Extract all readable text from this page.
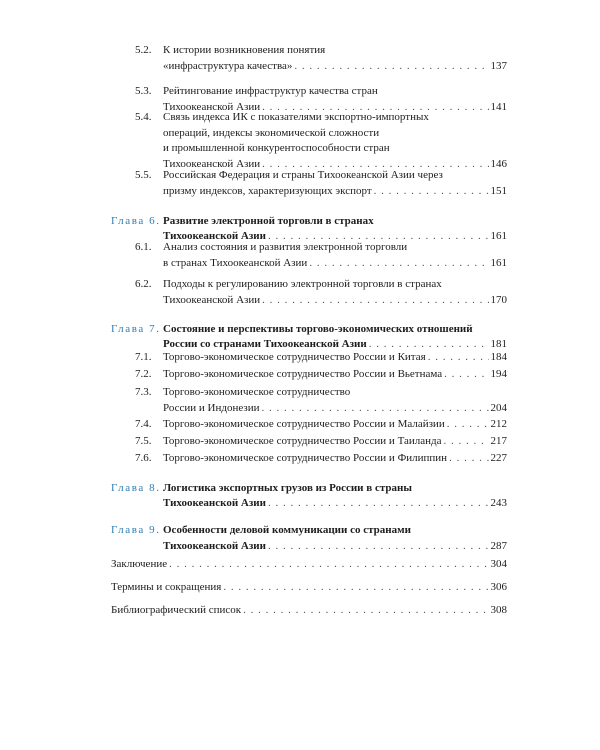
5.2. К истории возникновения понятия
«инфраструктура качества» . . .	137
5.3. Рейтингование инфраструктур качества стран
Тихоокеанской Азии . . .	141
5.4. Связь индекса ИК с показателями экспортно-импортных
операций, индексы экономической сложности
и промышленной конкурентоспособности стран
Тихоокеанской Азии . . .	146
5.5. Российская Федерация и страны Тихоокеанской Азии через
призму индексов, характеризующих экспорт . . .	151
Глава 6. Развитие электронной торговли в странах
Тихоокеанской Азии . . .	161
6.1. Анализ состояния и развития электронной торговли
в странах Тихоокеанской Азии . . .	161
6.2. Подходы к регулированию электронной торговли в странах
Тихоокеанской Азии . . .	170
Глава 7. Состояние и перспективы торгово-экономических отношений
России со странами Тихоокеанской Азии . . .	181
7.1. Торгово-экономическое сотрудничество России и Китая . . .	184
7.2. Торгово-экономическое сотрудничество России и Вьетнама . . .	194
7.3. Торгово-экономическое сотрудничество
России и Индонезии . . .	204
7.4. Торгово-экономическое сотрудничество России и Малайзии . . .	212
7.5. Торгово-экономическое сотрудничество России и Таиланда . . .	217
7.6. Торгово-экономическое сотрудничество России и Филиппин . . .	227
Глава 8. Логистика экспортных грузов из России в страны
Тихоокеанской Азии . . .	243
Глава 9. Особенности деловой коммуникации со странами
Тихоокеанской Азии . . .	287
Заключение . . .	304
Термины и сокращения . . .	306
Библиографический список . . .	308
